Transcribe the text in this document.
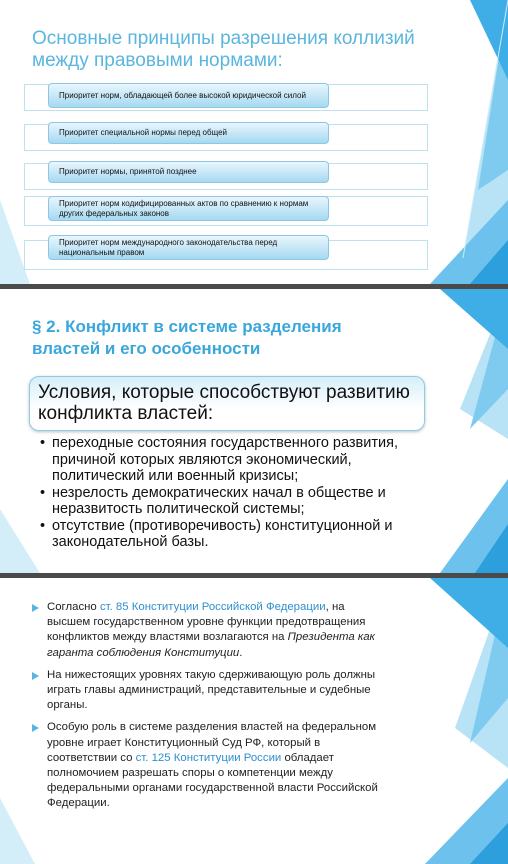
Основные принципы разрешения коллизий между правовыми нормами:
Приоритет норм, обладающей более высокой юридической силой
Приоритет специальной нормы перед общей
Приоритет нормы, принятой позднее
Приоритет норм кодифицированных актов по сравнению к нормам других федеральных законов
Приоритет норм международного законодательства перед национальным правом
§ 2. Конфликт в системе разделения властей и его особенности
Условия, которые способствуют развитию конфликта властей:
• переходные состояния государственного развития, причиной которых являются экономический, политический или военный кризисы;
• незрелость демократических начал в обществе и неразвитость политической системы;
• отсутствие (противоречивость) конституционной и законодательной базы.
Согласно ст. 85 Конституции Российской Федерации, на высшем государственном уровне функции предотвращения конфликтов между властями возлагаются на Президента как гаранта соблюдения Конституции.
На нижестоящих уровнях такую сдерживающую роль должны играть главы администраций, представительные и судебные органы.
Особую роль в системе разделения властей на федеральном уровне играет Конституционный Суд РФ, который в соответствии со ст. 125 Конституции России обладает полномочием разрешать споры о компетенции между федеральными органами государственной власти Российской Федерации.
